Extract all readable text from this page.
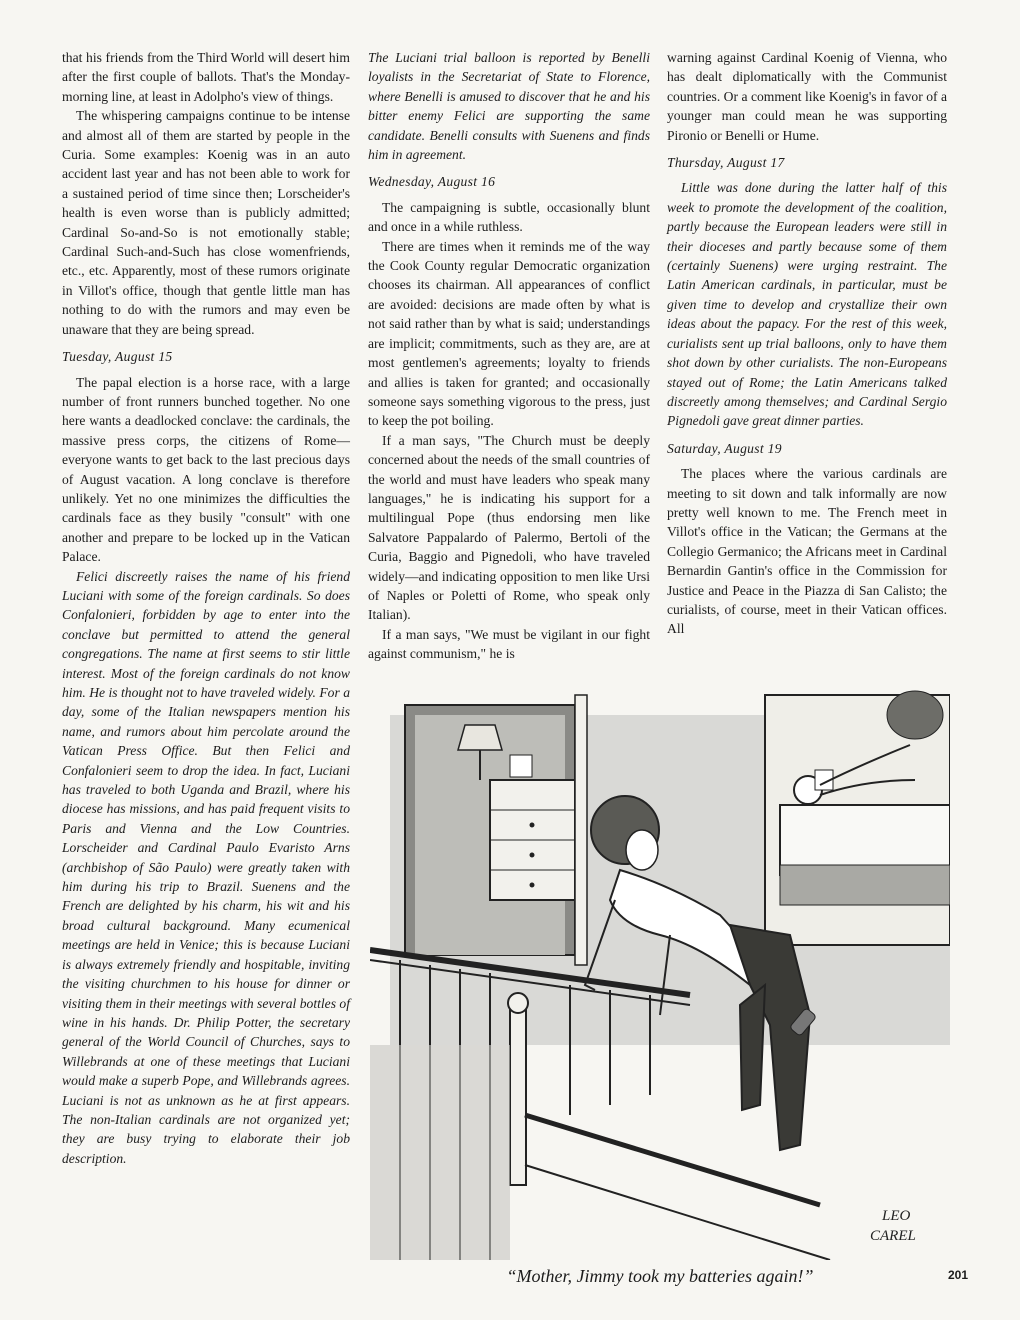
that his friends from the Third World will desert him after the first couple of ballots. That's the Monday-morning line, at least in Adolpho's view of things.

The whispering campaigns continue to be intense and almost all of them are started by people in the Curia. Some examples: Koenig was in an auto accident last year and has not been able to work for a sustained period of time since then; Lorscheider's health is even worse than is publicly admitted; Cardinal So-and-So is not emotionally stable; Cardinal Such-and-Such has close womenfriends, etc., etc. Apparently, most of these rumors originate in Villot's office, though that gentle little man has nothing to do with the rumors and may even be unaware that they are being spread.

Tuesday, August 15

The papal election is a horse race, with a large number of front runners bunched together. No one here wants a deadlocked conclave: the cardinals, the massive press corps, the citizens of Rome—everyone wants to get back to the last precious days of August vacation. A long conclave is therefore unlikely. Yet no one minimizes the difficulties the cardinals face as they busily "consult" with one another and prepare to be locked up in the Vatican Palace.

Felici discreetly raises the name of his friend Luciani with some of the foreign cardinals. So does Confalonieri, forbidden by age to enter into the conclave but permitted to attend the general congregations. The name at first seems to stir little interest. Most of the foreign cardinals do not know him. He is thought not to have traveled widely. For a day, some of the Italian newspapers mention his name, and rumors about him percolate around the Vatican Press Office. But then Felici and Confalonieri seem to drop the idea. In fact, Luciani has traveled to both Uganda and Brazil, where his diocese has missions, and has paid frequent visits to Paris and Vienna and the Low Countries. Lorscheider and Cardinal Paulo Evaristo Arns (archbishop of São Paulo) were greatly taken with him during his trip to Brazil. Suenens and the French are delighted by his charm, his wit and his broad cultural background. Many ecumenical meetings are held in Venice; this is because Luciani is always extremely friendly and hospitable, inviting the visiting churchmen to his house for dinner or visiting them in their meetings with several bottles of wine in his hands. Dr. Philip Potter, the secretary general of the World Council of Churches, says to Willebrands at one of these meetings that Luciani would make a superb Pope, and Willebrands agrees. Luciani is not as unknown as he at first appears. The non-Italian cardinals are not organized yet; they are busy trying to elaborate their job description.

The Luciani trial balloon is reported by Benelli loyalists in the Secretariat of State to Florence, where Benelli is amused to discover that he and his bitter enemy Felici are supporting the same candidate. Benelli consults with Suenens and finds him in agreement.

Wednesday, August 16

The campaigning is subtle, occasionally blunt and once in a while ruthless.

There are times when it reminds me of the way the Cook County regular Democratic organization chooses its chairman. All appearances of conflict are avoided: decisions are made often by what is not said rather than by what is said; understandings are implicit; commitments, such as they are, are at most gentlemen's agreements; loyalty to friends and allies is taken for granted; and occasionally someone says something vigorous to the press, just to keep the pot boiling.

If a man says, "The Church must be deeply concerned about the needs of the small countries of the world and must have leaders who speak many languages," he is indicating his support for a multilingual Pope (thus endorsing men like Salvatore Pappalardo of Palermo, Bertoli of the Curia, Baggio and Pignedoli, who have traveled widely—and indicating opposition to men like Ursi of Naples or Poletti of Rome, who speak only Italian).

If a man says, "We must be vigilant in our fight against communism," he is

warning against Cardinal Koenig of Vienna, who has dealt diplomatically with the Communist countries. Or a comment like Koenig's in favor of a younger man could mean he was supporting Pironio or Benelli or Hume.

Thursday, August 17

Little was done during the latter half of this week to promote the development of the coalition, partly because the European leaders were still in their dioceses and partly because some of them (certainly Suenens) were urging restraint. The Latin American cardinals, in particular, must be given time to develop and crystallize their own ideas about the papacy. For the rest of this week, curialists sent up trial balloons, only to have them shot down by other curialists. The non-Europeans stayed out of Rome; the Latin Americans talked discreetly among themselves; and Cardinal Sergio Pignedoli gave great dinner parties.

Saturday, August 19

The places where the various cardinals are meeting to sit down and talk informally are now pretty well known to me. The French meet in Villot's office in the Vatican; the Germans at the Collegio Germanico; the Africans meet in Cardinal Bernardin Gantin's office in the Commission for Justice and Peace in the Piazza di San Calisto; the curialists, of course, meet in their Vatican offices. All

LEO
CAREL
“Mother, Jimmy took my batteries again!”	201
